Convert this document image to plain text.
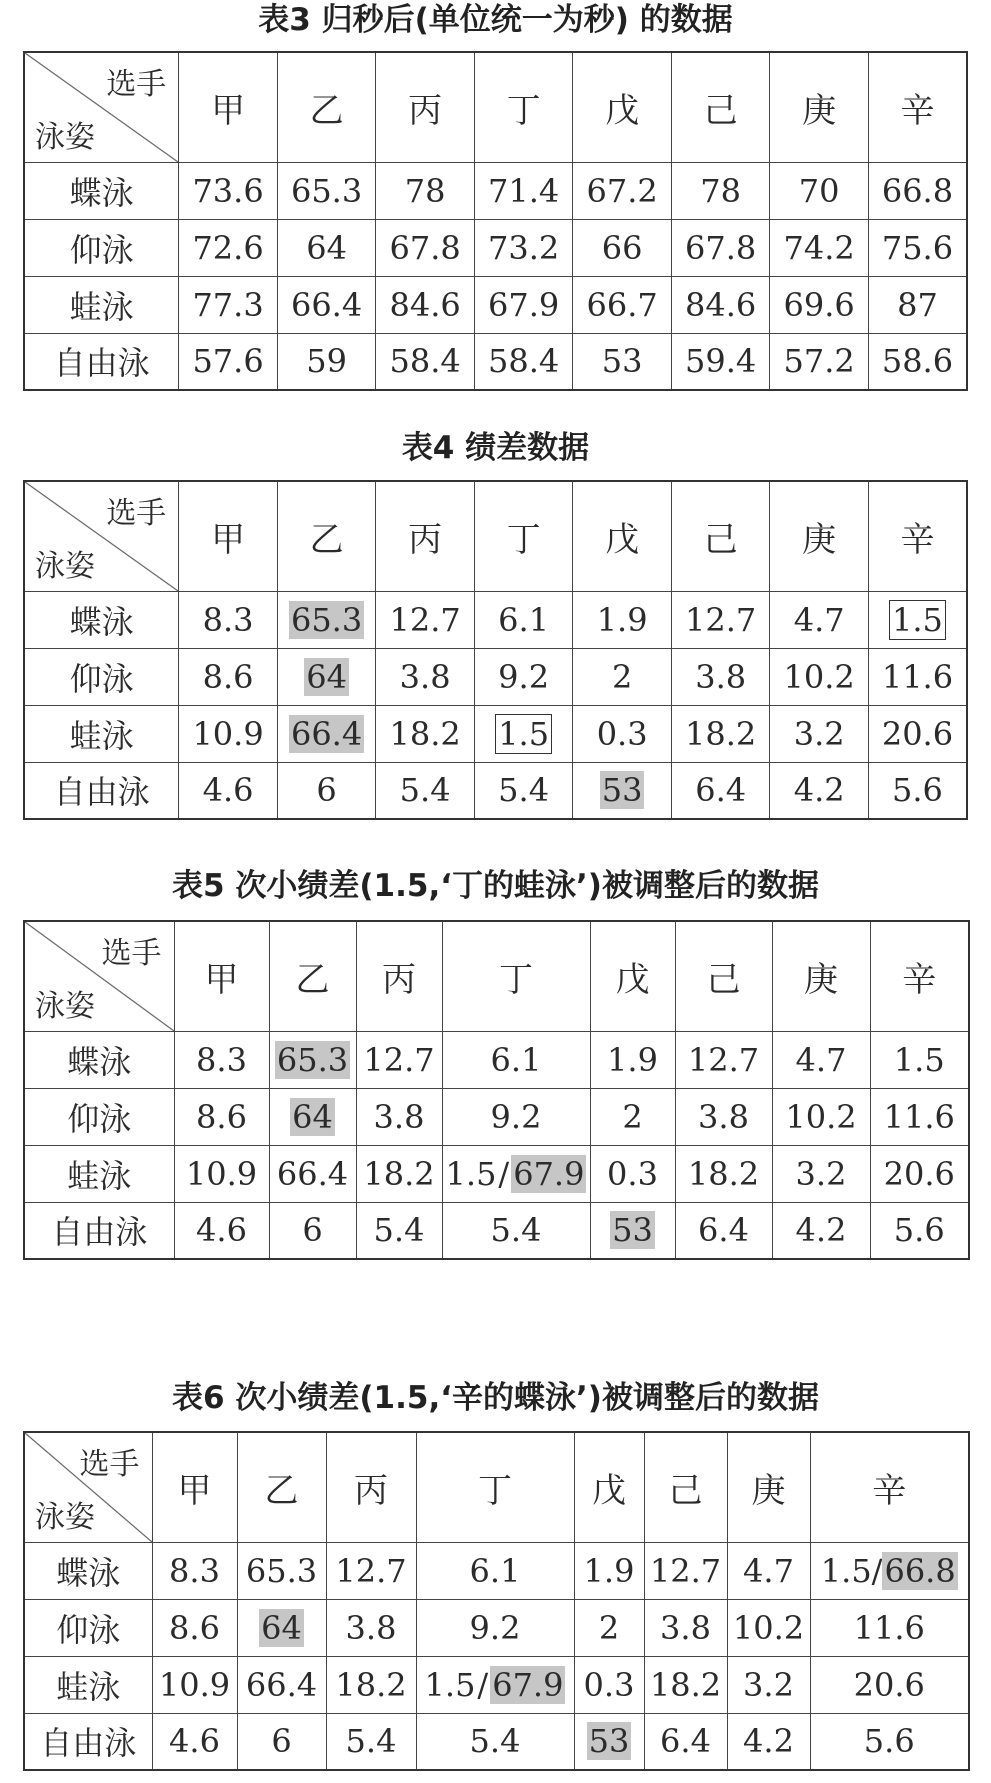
表3 归秒后(单位统一为秒) 的数据
选手
泳姿	甲	乙	丙	丁	戊	己	庚	辛
蝶泳	73.6	65.3	78	71.4	67.2	78	70	66.8
仰泳	72.6	64	67.8	73.2	66	67.8	74.2	75.6
蛙泳	77.3	66.4	84.6	67.9	66.7	84.6	69.6	87
自由泳	57.6	59	58.4	58.4	53	59.4	57.2	58.6
表4 绩差数据
选手
泳姿	甲	乙	丙	丁	戊	己	庚	辛
蝶泳	8.3	65.3	12.7	6.1	1.9	12.7	4.7	1.5
仰泳	8.6	64	3.8	9.2	2	3.8	10.2	11.6
蛙泳	10.9	66.4	18.2	1.5	0.3	18.2	3.2	20.6
自由泳	4.6	6	5.4	5.4	53	6.4	4.2	5.6
表5 次小绩差(1.5,‘丁的蛙泳’)被调整后的数据
选手
泳姿	甲	乙	丙	丁	戊	己	庚	辛
蝶泳	8.3	65.3	12.7	6.1	1.9	12.7	4.7	1.5
仰泳	8.6	64	3.8	9.2	2	3.8	10.2	11.6
蛙泳	10.9	66.4	18.2	1.5/ 67.9	0.3	18.2	3.2	20.6
自由泳	4.6	6	5.4	5.4	53	6.4	4.2	5.6
表6 次小绩差(1.5,‘辛的蝶泳’)被调整后的数据
选手
泳姿	甲	乙	丙	丁	戊	己	庚	辛
蝶泳	8.3	65.3	12.7	6.1	1.9	12.7	4.7	1.5/66.8
仰泳	8.6	64	3.8	9.2	2	3.8	10.2	11.6
蛙泳	10.9	66.4	18.2	1.5/ 67.9	0.3	18.2	3.2	20.6
自由泳	4.6	6	5.4	5.4	53	6.4	4.2	5.6
